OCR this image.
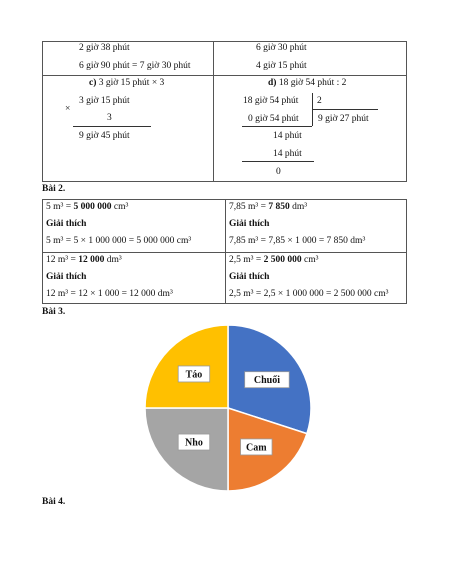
2 giờ 38 phút	6 giờ 30 phút
6 giờ 90 phút = 7 giờ 30 phút	4 giờ 15 phút
c) 3 giờ 15 phút × 3
×
3 giờ 15 phút
3
9 giờ 45 phút
d) 18 giờ 54 phút : 2
18 giờ 54 phút 2
0 giờ 54 phút 9 giờ 27 phút
14 phút
14 phút
0
Bài 2.
5 m³ = 5 000 000 cm³
Giải thích
5 m³ = 5 × 1 000 000 = 5 000 000 cm³
7,85 m³ = 7 850 dm³
Giải thích
7,85 m³ = 7,85 × 1 000 = 7 850 dm³
12 m³ = 12 000 dm³
Giải thích
12 m³ = 12 × 1 000 = 12 000 dm³
2,5 m³ = 2 500 000 cm³
Giải thích
2,5 m³ = 2,5 × 1 000 000 = 2 500 000 cm³
Bài 3.
Chuối
Cam
Nho
Táo
Bài 4.
